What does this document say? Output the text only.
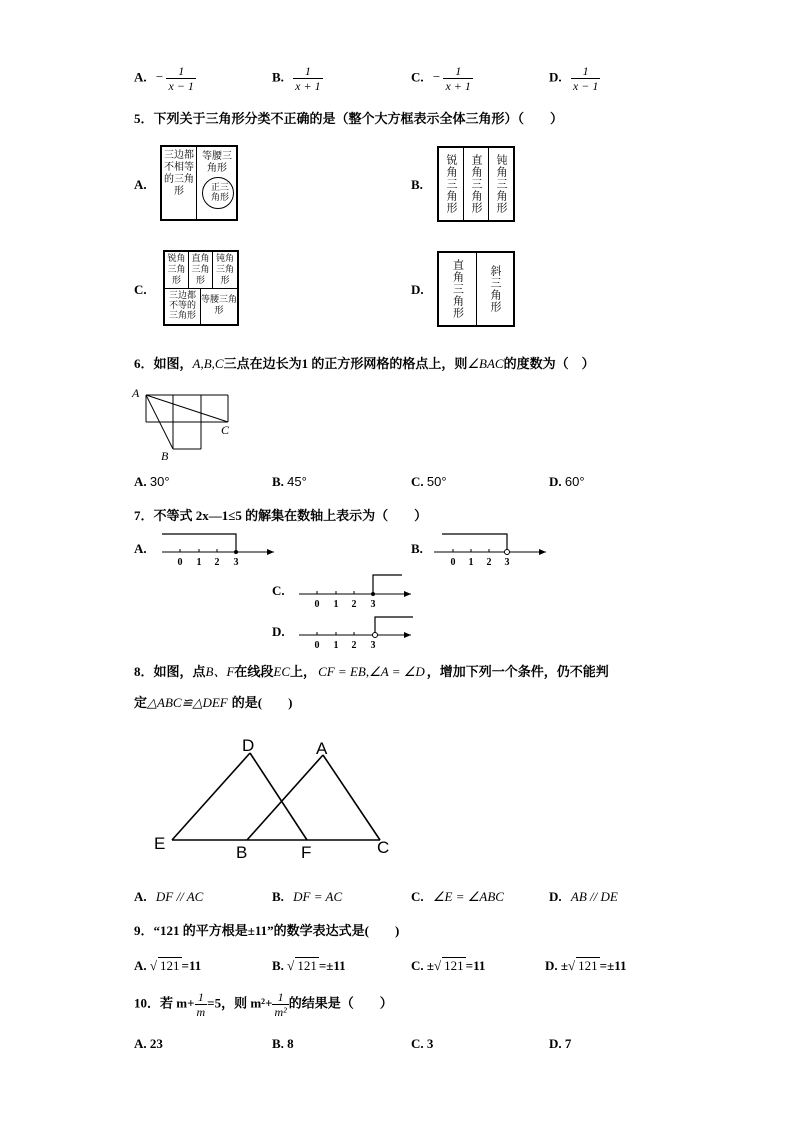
A. − $\frac{1}{x - 1}$	B. $\frac{1}{x + 1}$	C. − $\frac{1}{x + 1}$	D. $\frac{1}{x - 1}$
5．下列关于三角形分类不正确的是（整个大方框表示全体三角形）（　　）
A.
三边都不相等的三角形
等腰三角形
正三角形
B.	锐角三角形	直角三角形	钝角三角形
C.
锐角三角形
直角三角形
钝角三角形
三边都不等的三角形
等腰三角形
D.	直角三角形	斜三角形
6．如图，A,B,C三点在边长为1 的正方形网格的格点上，则∠BAC的度数为（　）
A
B
C
A. 30°	B. 45°	C. 50°	D. 60°
7．不等式 2x—1≤5 的解集在数轴上表示为（　　）
A.
0 1 2 3
B.
0 1 2 3
C.
0 1 2 3
D.
0 1 2 3
8．如图，点B、F在线段EC上， CF = EB,∠A = ∠D ，增加下列一个条件，仍不能判
定△ABC≌△DEF 的是(　　)
D	A
E	B	F	C
A. DF // AC	B. DF = AC	C. ∠E = ∠ABC	D. AB // DE
9．“121 的平方根是±11”的数学表达式是(　　)
A. √ 121 =11	B. √ 121 =±11	C. ±√ 121 =11	D. ±√ 121 =±11
10．若 $m+ \frac{1}{m} =5$，则 $m^2+ \frac{1}{\text{m²}}$ 的结果是（　　）
A. 23	B. 8	C. 3	D. 7
